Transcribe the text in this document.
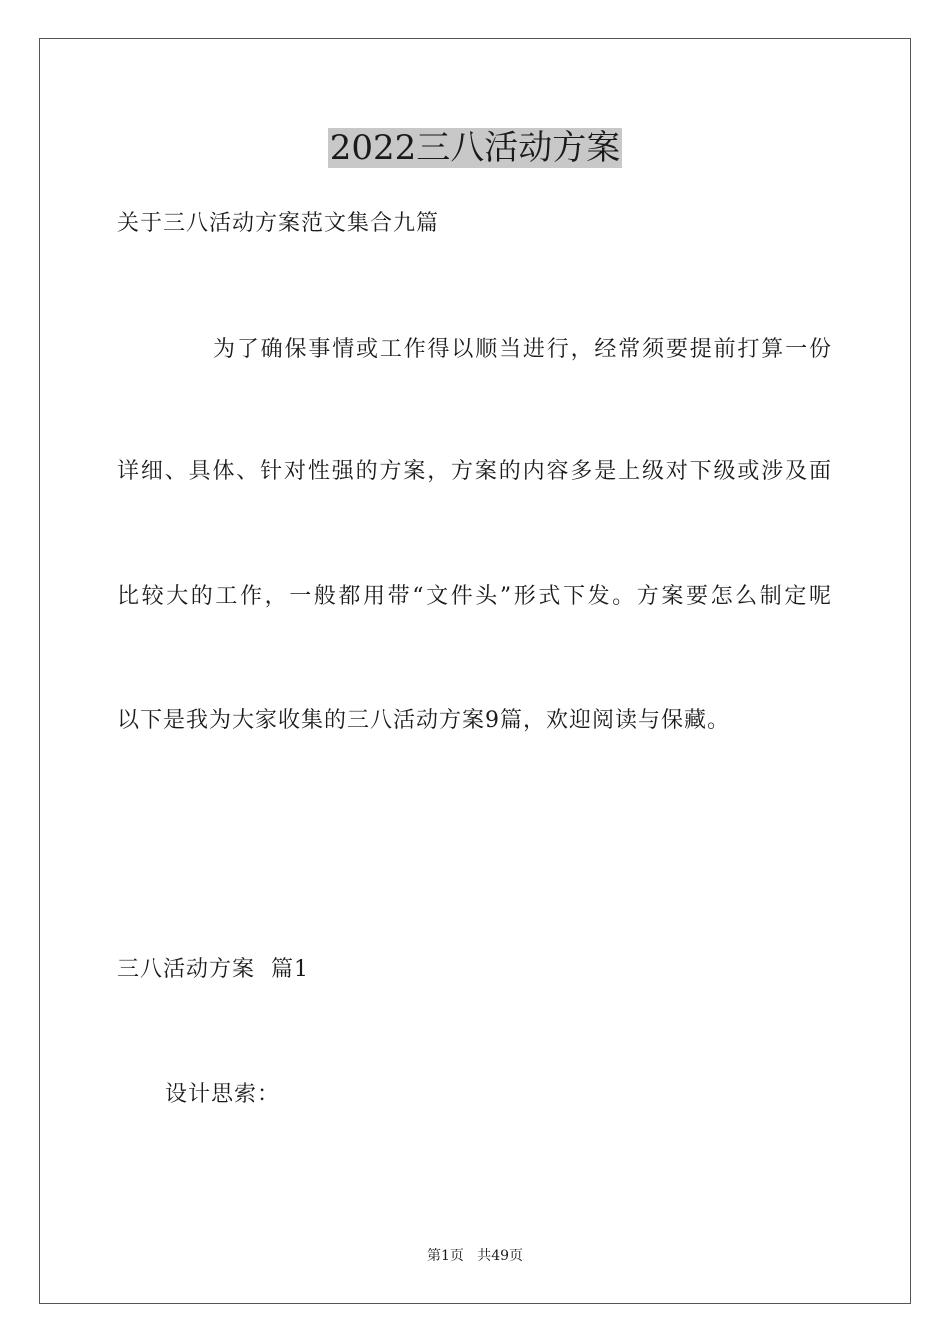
2022三八活动方案
关于三八活动方案范文集合九篇
为了确保事情或工作得以顺当进行，经常须要提前打算一份
详细、具体、针对性强的方案，方案的内容多是上级对下级或涉及面
比较大的工作，一般都用带“文件头”形式下发。方案要怎么制定呢
以下是我为大家收集的三八活动方案9篇，欢迎阅读与保藏。
三八活动方案  篇1
设计思索：
第1页   共49页
